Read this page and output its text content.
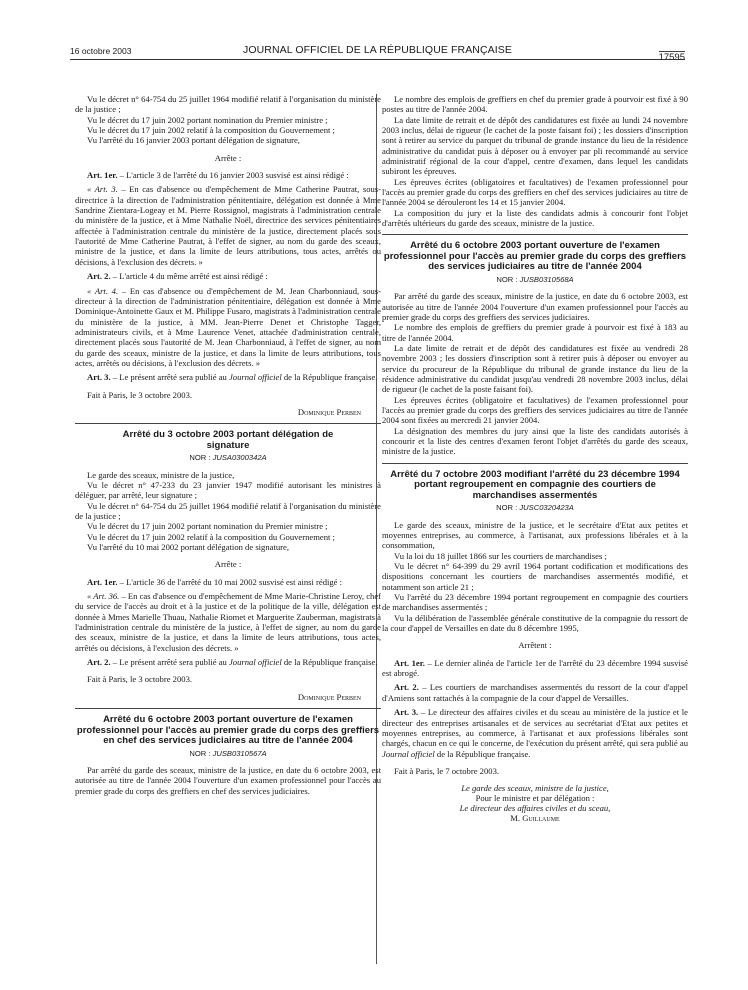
16 octobre 2003	JOURNAL OFFICIEL DE LA RÉPUBLIQUE FRANÇAISE
17595

Vu le décret n° 64-754 du 25 juillet 1964 modifié relatif à l'organisation du ministère de la justice ;

Vu le décret du 17 juin 2002 portant nomination du Premier ministre ;

Vu le décret du 17 juin 2002 relatif à la composition du Gouvernement ;

Vu l'arrêté du 16 janvier 2003 portant délégation de signature,

Arrête :

Art. 1er. – L'article 3 de l'arrêté du 16 janvier 2003 susvisé est ainsi rédigé :

« Art. 3. – En cas d'absence ou d'empêchement de Mme Catherine Pautrat, sous-directrice à la direction de l'administration pénitentiaire, délégation est donnée à Mme Sandrine Zientara-Logeay et M. Pierre Rossignol, magistrats à l'administration centrale du ministère de la justice, et à Mme Nathalie Noël, directrice des services pénitentiaires affectée à l'administration centrale du ministère de la justice, directement placés sous l'autorité de Mme Catherine Pautrat, à l'effet de signer, au nom du garde des sceaux, ministre de la justice, et dans la limite de leurs attributions, tous actes, arrêtés ou décisions, à l'exclusion des décrets. »

Art. 2. – L'article 4 du même arrêté est ainsi rédigé :

« Art. 4. – En cas d'absence ou d'empêchement de M. Jean Charbonniaud, sous-directeur à la direction de l'administration pénitentiaire, délégation est donnée à Mme Dominique-Antoinette Gaux et M. Philippe Fusaro, magistrats à l'administration centrale du ministère de la justice, à MM. Jean-Pierre Denet et Christophe Tagger, administrateurs civils, et à Mme Laurence Venet, attachée d'administration centrale, directement placés sous l'autorité de M. Jean Charbonniaud, à l'effet de signer, au nom du garde des sceaux, ministre de la justice, et dans la limite de leurs attributions, tous actes, arrêtés ou décisions, à l'exclusion des décrets. »

Art. 3. – Le présent arrêté sera publié au Journal officiel de la République française.

Fait à Paris, le 3 octobre 2003.

Dominique Perben

Arrêté du 3 octobre 2003 portant délégation de signature

NOR : JUSA0300342A

Le garde des sceaux, ministre de la justice,

Vu le décret n° 47-233 du 23 janvier 1947 modifié autorisant les ministres à déléguer, par arrêté, leur signature ;

Vu le décret n° 64-754 du 25 juillet 1964 modifié relatif à l'organisation du ministère de la justice ;

Vu le décret du 17 juin 2002 portant nomination du Premier ministre ;

Vu le décret du 17 juin 2002 relatif à la composition du Gouvernement ;

Vu l'arrêté du 10 mai 2002 portant délégation de signature,

Arrête :

Art. 1er. – L'article 36 de l'arrêté du 10 mai 2002 susvisé est ainsi rédigé :

« Art. 36. – En cas d'absence ou d'empêchement de Mme Marie-Christine Leroy, chef du service de l'accès au droit et à la justice et de la politique de la ville, délégation est donnée à Mmes Marielle Thuau, Nathalie Riomet et Marguerite Zauberman, magistrats à l'administration centrale du ministère de la justice, à l'effet de signer, au nom du garde des sceaux, ministre de la justice, et dans la limite de leurs attributions, tous actes, arrêtés ou décisions, à l'exclusion des décrets. »

Art. 2. – Le présent arrêté sera publié au Journal officiel de la République française.

Fait à Paris, le 3 octobre 2003.

Dominique Perben

Arrêté du 6 octobre 2003 portant ouverture de l'examen professionnel pour l'accès au premier grade du corps des greffiers en chef des services judiciaires au titre de l'année 2004

NOR : JUSB0310567A

Par arrêté du garde des sceaux, ministre de la justice, en date du 6 octobre 2003, est autorisée au titre de l'année 2004 l'ouverture d'un examen professionnel pour l'accès au premier grade du corps des greffiers en chef des services judiciaires.

Le nombre des emplois de greffiers en chef du premier grade à pourvoir est fixé à 90 postes au titre de l'année 2004.

La date limite de retrait et de dépôt des candidatures est fixée au lundi 24 novembre 2003 inclus, délai de rigueur (le cachet de la poste faisant foi) ; les dossiers d'inscription sont à retirer au service du parquet du tribunal de grande instance du lieu de la résidence administrative du candidat puis à déposer ou à envoyer par pli recommandé au service administratif régional de la cour d'appel, centre d'examen, dans lequel les candidats subiront les épreuves.

Les épreuves écrites (obligatoires et facultatives) de l'examen professionnel pour l'accès au premier grade du corps des greffiers en chef des services judiciaires au titre de l'année 2004 se dérouleront les 14 et 15 janvier 2004.

La composition du jury et la liste des candidats admis à concourir font l'objet d'arrêtés ultérieurs du garde des sceaux, ministre de la justice.

Arrêté du 6 octobre 2003 portant ouverture de l'examen professionnel pour l'accès au premier grade du corps des greffiers des services judiciaires au titre de l'année 2004

NOR : JUSB0310568A

Par arrêté du garde des sceaux, ministre de la justice, en date du 6 octobre 2003, est autorisée au titre de l'année 2004 l'ouverture d'un examen professionnel pour l'accès au premier grade du corps des greffiers des services judiciaires.

Le nombre des emplois de greffiers du premier grade à pourvoir est fixé à 183 au titre de l'année 2004.

La date limite de retrait et de dépôt des candidatures est fixée au vendredi 28 novembre 2003 ; les dossiers d'inscription sont à retirer puis à déposer ou envoyer au service du procureur de la République du tribunal de grande instance du lieu de la résidence administrative du candidat jusqu'au vendredi 28 novembre 2003 inclus, délai de rigueur (le cachet de la poste faisant foi).

Les épreuves écrites (obligatoire et facultatives) de l'examen professionnel pour l'accès au premier grade du corps des greffiers des services judiciaires au titre de l'année 2004 sont fixées au mercredi 21 janvier 2004.

La désignation des membres du jury ainsi que la liste des candidats autorisés à concourir et la liste des centres d'examen feront l'objet d'arrêtés du garde des sceaux, ministre de la justice.

Arrêté du 7 octobre 2003 modifiant l'arrêté du 23 décembre 1994 portant regroupement en compagnie des courtiers de marchandises assermentés

NOR : JUSC0320423A

Le garde des sceaux, ministre de la justice, et le secrétaire d'Etat aux petites et moyennes entreprises, au commerce, à l'artisanat, aux professions libérales et à la consommation,

Vu la loi du 18 juillet 1866 sur les courtiers de marchandises ;

Vu le décret n° 64-399 du 29 avril 1964 portant codification et modifications des dispositions concernant les courtiers de marchandises assermentés modifié, et notamment son article 21 ;

Vu l'arrêté du 23 décembre 1994 portant regroupement en compagnie des courtiers de marchandises assermentés ;

Vu la délibération de l'assemblée générale constitutive de la compagnie du ressort de la cour d'appel de Versailles en date du 8 décembre 1995,

Arrêtent :

Art. 1er. – Le dernier alinéa de l'article 1er de l'arrêté du 23 décembre 1994 susvisé est abrogé.

Art. 2. – Les courtiers de marchandises assermentés du ressort de la cour d'appel d'Amiens sont rattachés à la compagnie de la cour d'appel de Versailles.

Art. 3. – Le directeur des affaires civiles et du sceau au ministère de la justice et le directeur des entreprises artisanales et de services au secrétariat d'Etat aux petites et moyennes entreprises, au commerce, à l'artisanat et aux professions libérales sont chargés, chacun en ce qui le concerne, de l'exécution du présent arrêté, qui sera publié au Journal officiel de la République française.

Fait à Paris, le 7 octobre 2003.

Le garde des sceaux, ministre de la justice,

Pour le ministre et par délégation :

Le directeur des affaires civiles et du sceau,

M. Guillaume
